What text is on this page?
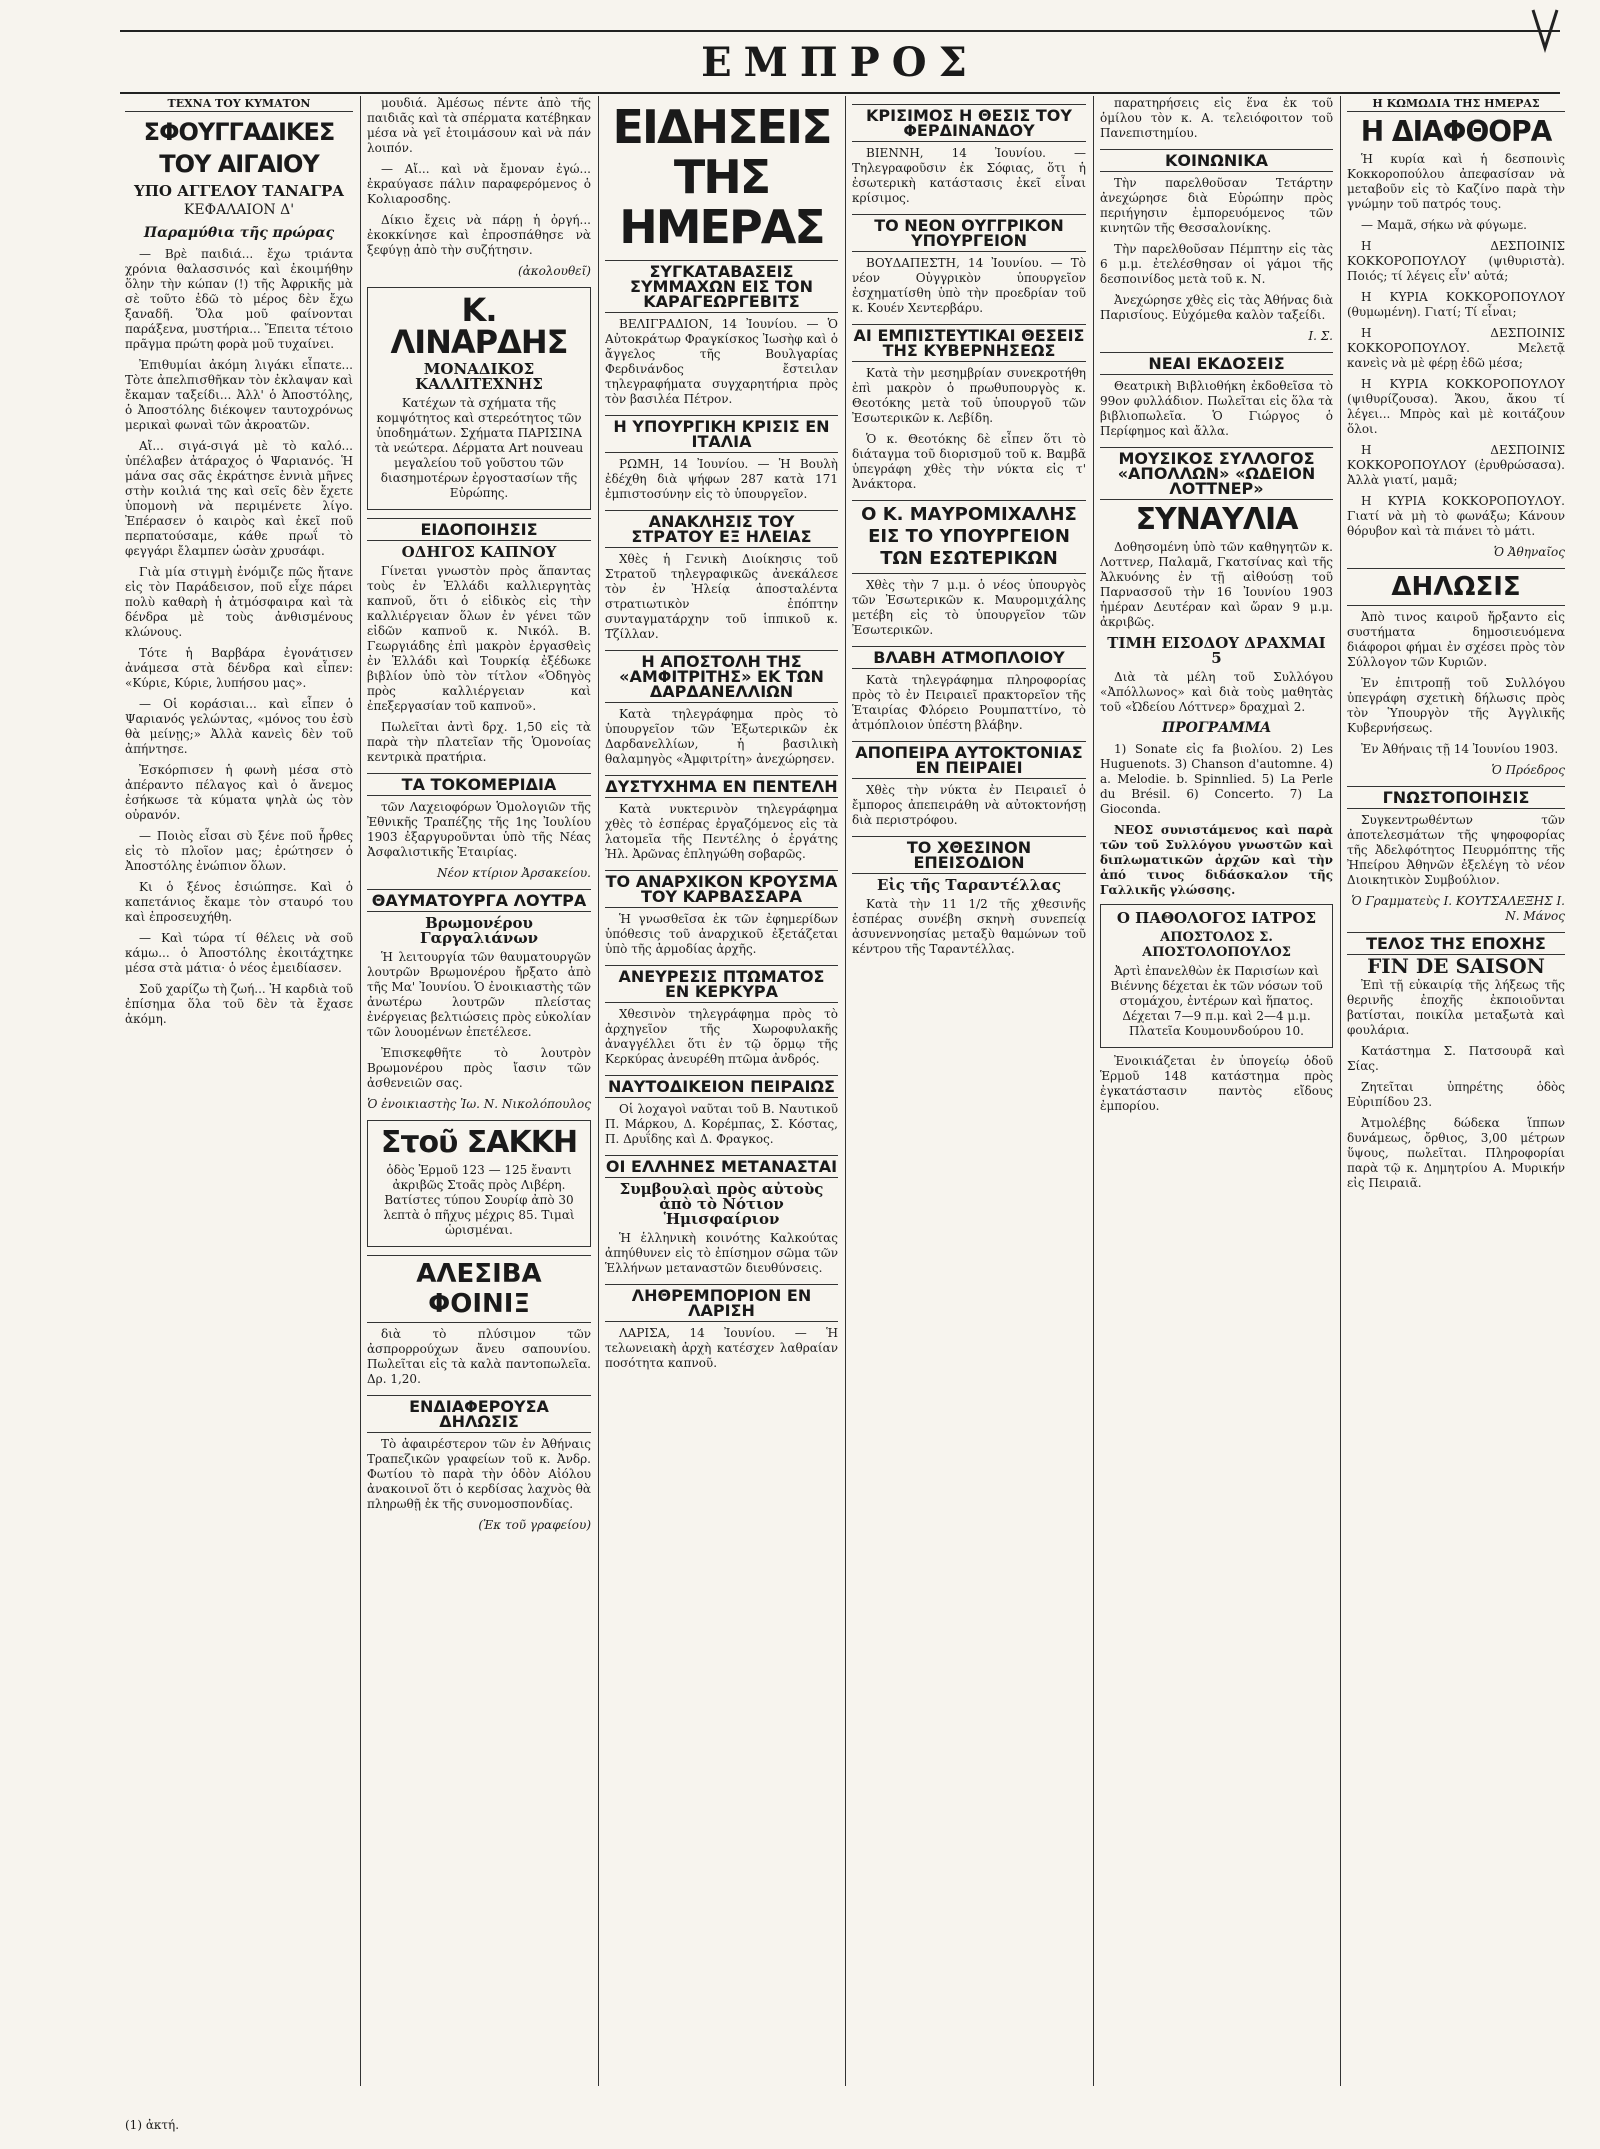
ΕΜΠΡΟΣ
ΤΕΧΝΑ ΤΟΥ ΚΥΜΑΤΟΝ
ΣΦΟΥΓΓΑΔΙΚΕΣ ΤΟΥ ΑΙΓΑΙΟΥ
ΥΠΟ ΑΓΓΕΛΟΥ ΤΑΝΑΓΡΑ
ΚΕΦΑΛΑΙΟΝ Δ'
Παραμύθια τῆς πρώρας

— Βρὲ παιδιά... ἔχω τριάντα χρόνια θαλασσινός καὶ ἐκοιμήθην ὅλην τὴν κώπαν (!) τῆς Ἀφρικῆς μὰ σὲ τοῦτο ἐδῶ τὸ μέρος δὲν ἔχω ξαναδῆ. Ὅλα μοῦ φαίνονται παράξενα, μυστήρια... Ἔπειτα τέτοιο πρᾶγμα πρώτη φορὰ μοῦ τυχαίνει.

Ἐπιθυμίαι ἀκόμη λιγάκι εἶπατε... Τὸτε ἀπελπισθῆκαν τὸν ἐκλαψαν καὶ ἔκαμαν ταξείδι... Ἀλλ' ὁ Ἀποστόλης, ὁ Ἀποστόλης διέκοψεν ταυτοχρόνως μερικαὶ φωναὶ τῶν ἀκροατῶν.

Αἴ... σιγά-σιγά μὲ τὸ καλό... ὑπέλαβεν ἀτάραχος ὁ Ψαριανός. Ἡ μάνα σας σᾶς ἐκράτησε ἐννιὰ μῆνες στὴν κοιλιά της καὶ σεῖς δὲν ἔχετε ὑπομονὴ νὰ περιμένετε λίγο. Ἐπέρασεν ὁ καιρὸς καὶ ἐκεῖ ποῦ περπατούσαμε, κάθε πρωΐ τὸ φεγγάρι ἔλαμπεν ὡσὰν χρυσάφι.

Γιὰ μία στιγμὴ ἐνόμιζε πῶς ἤτανε εἰς τὸν Παράδεισον, ποῦ εἶχε πάρει πολὺ καθαρὴ ἡ ἀτμόσφαιρα καὶ τὰ δένδρα μὲ τοὺς ἀνθισμένους κλώνους.

Τότε ἡ Βαρβάρα ἐγονάτισεν ἀνάμεσα στὰ δένδρα καὶ εἶπεν: «Κύριε, Κύριε, λυπήσου μας».

— Οἱ κοράσιαι... καὶ εἶπεν ὁ Ψαριανός γελώντας, «μόνος του ἐσὺ θὰ μείνῃς;» Ἀλλὰ κανεὶς δὲν τοῦ ἀπήντησε.

Ἐσκόρπισεν ἡ φωνὴ μέσα στὸ ἀπέραντο πέλαγος καὶ ὁ ἄνεμος ἐσήκωσε τὰ κύματα ψηλὰ ὡς τὸν οὐρανόν.

— Ποιὸς εἶσαι σὺ ξένε ποῦ ἦρθες εἰς τὸ πλοῖον μας; ἐρώτησεν ὁ Ἀποστόλης ἐνώπιον ὅλων.

Κι ὁ ξένος ἐσιώπησε. Καὶ ὁ καπετάνιος ἔκαμε τὸν σταυρό του καὶ ἐπροσευχήθη.

— Καὶ τώρα τί θέλεις νὰ σοῦ κάμω... ὁ Ἀποστόλης ἐκοιτάχτηκε μέσα στὰ μάτια· ὁ νέος ἐμειδίασεν.

Σοῦ χαρίζω τὴ ζωή... Ἡ καρδιὰ τοῦ ἐπίσημα ὅλα τοῦ δὲν τὰ ἔχασε ἀκόμη.

μουδιά. Ἀμέσως πέντε ἀπὸ τῆς παιδιᾶς καὶ τὰ σπέρματα κατέβηκαν μέσα νὰ γεῖ ἑτοιμάσουν καὶ νὰ πάν λοιπόν.

— Αἴ... καὶ νὰ ἔμοναν ἐγώ... ἐκραύγασε πάλιν παραφερόμενος ὁ Κολιαροσδης.

Δίκιο ἔχεις νὰ πάρῃ ἡ ὀργή... ἐκοκκίνησε καὶ ἐπροσπάθησε νὰ ξεφύγῃ ἀπὸ τὴν συζήτησιν.

(ἀκολουθεῖ)
Κ. ΛΙΝΑΡΔΗΣ
ΜΟΝΑΔΙΚΟΣ ΚΑΛΛΙΤΕΧΝΗΣ

Κατέχων τὰ σχήματα τῆς κομψότητος καὶ στερεότητος τῶν ὑποδημάτων. Σχήματα ΠΑΡΙΣΙΝΑ τὰ νεώτερα. Δέρματα Art nouveau μεγαλείου τοῦ γοῦστου τῶν διασημοτέρων ἐργοστασίων τῆς Εὐρώπης.

ΕΙΔΟΠΟΙΗΣΙΣ
ΟΔΗΓΟΣ ΚΑΠΝΟΥ

Γίνεται γνωστὸν πρὸς ἅπαντας τοὺς ἐν Ἑλλάδι καλλιεργητὰς καπνοῦ, ὅτι ὁ εἰδικὸς εἰς τὴν καλλιέργειαν ὅλων ἐν γένει τῶν εἰδῶν καπνοῦ κ. Νικόλ. Β. Γεωργιάδης ἐπὶ μακρὸν ἐργασθεὶς ἐν Ἑλλάδι καὶ Τουρκίᾳ ἐξέδωκε βιβλίον ὑπὸ τὸν τίτλον «Ὁδηγὸς πρὸς καλλιέργειαν καὶ ἐπεξεργασίαν τοῦ καπνοῦ».

Πωλεῖται ἀντὶ δρχ. 1,50 εἰς τὰ παρὰ τὴν πλατεῖαν τῆς Ὁμονοίας κεντρικὰ πρατήρια.

ΤΑ ΤΟΚΟΜΕΡΙΔΙΑ

τῶν Λαχειοφόρων Ὁμολογιῶν τῆς Ἐθνικῆς Τραπέζης τῆς 1ης Ἰουλίου 1903 ἐξαργυροῦνται ὑπὸ τῆς Νέας Ἀσφαλιστικῆς Ἑταιρίας.

Νέον κτίριον Ἀρσακείου.
ΘΑΥΜΑΤΟΥΡΓΑ ΛΟΥΤΡΑ
Βρωμονέρου Γαργαλιάνων

Ἡ λειτουργία τῶν θαυματουργῶν λουτρῶν Βρωμονέρου ἤρξατο ἀπὸ τῆς Μα' Ἰουνίου. Ὁ ἐνοικιαστὴς τῶν ἀνωτέρω λουτρῶν πλείστας ἐνέργειας βελτιώσεις πρὸς εὐκολίαν τῶν λουομένων ἐπετέλεσε.

Ἐπισκεφθῆτε τὸ λουτρὸν Βρωμονέρου πρὸς ἴασιν τῶν ἀσθενειῶν σας.

Ὁ ἐνοικιαστὴς Ἰω. Ν. Νικολόπουλος
Στοῦ ΣΑΚΚΗ

ὁδὸς Ἑρμοῦ 123 — 125 ἔναντι ἀκριβῶς Στοᾶς πρὸς Λιβέρη. Βατίστες τύπου Σουρίφ ἀπὸ 30 λεπτὰ ὁ πῆχυς μέχρις 85. Τιμαὶ ὡρισμέναι.

ΑΛΕΣΙΒΑ ΦΟΙΝΙΞ

διὰ τὸ πλύσιμον τῶν ἀσπρορρούχων ἄνευ σαπουνίου. Πωλεῖται εἰς τὰ καλὰ παντοπωλεῖα. Δρ. 1,20.

ΕΝΔΙΑΦΕΡΟΥΣΑ ΔΗΛΩΣΙΣ

Τὸ ἀφαιρέστερον τῶν ἐν Ἀθήναις Τραπεζικῶν γραφείων τοῦ κ. Ἀνδρ. Φωτίου τὸ παρὰ τὴν ὁδὸν Αἰόλου ἀνακοινοῖ ὅτι ὁ κερδίσας λαχνὸς θὰ πληρωθῇ ἐκ τῆς συνομοσπονδίας.

(Ἐκ τοῦ γραφείου)
ΕΙΔΗΣΕΙΣ ΤΗΣ ΗΜΕΡΑΣ
ΣΥΓΚΑΤΑΒΑΣΕΙΣ ΣΥΜΜΑΧΩΝ ΕΙΣ ΤΟΝ ΚΑΡΑΓΕΩΡΓΕΒΙΤΣ

ΒΕΛΙΓΡΑΔΙΟΝ, 14 Ἰουνίου. — Ὁ Αὐτοκράτωρ Φραγκίσκος Ἰωσὴφ καὶ ὁ ἄγγελος τῆς Βουλγαρίας Φερδινάνδος ἔστειλαν τηλεγραφήματα συγχαρητήρια πρὸς τὸν βασιλέα Πέτρον.

Η ΥΠΟΥΡΓΙΚΗ ΚΡΙΣΙΣ ΕΝ ΙΤΑΛΙΑ

ΡΩΜΗ, 14 Ἰουνίου. — Ἡ Βουλὴ ἐδέχθη διὰ ψήφων 287 κατὰ 171 ἐμπιστοσύνην εἰς τὸ ὑπουργεῖον.

ΑΝΑΚΛΗΣΙΣ ΤΟΥ ΣΤΡΑΤΟΥ ΕΞ ΗΛΕΙΑΣ

Χθὲς ἡ Γενικὴ Διοίκησις τοῦ Στρατοῦ τηλεγραφικῶς ἀνεκάλεσε τὸν ἐν Ἠλείᾳ ἀποσταλέντα στρατιωτικὸν ἐπόπτην συνταγματάρχην τοῦ ἱππικοῦ κ. Τζίλλαν.

Η ΑΠΟΣΤΟΛΗ ΤΗΣ «ΑΜΦΙΤΡΙΤΗΣ» ΕΚ ΤΩΝ ΔΑΡΔΑΝΕΛΛΙΩΝ

Κατὰ τηλεγράφημα πρὸς τὸ ὑπουργεῖον τῶν Ἐξωτερικῶν ἐκ Δαρδανελλίων, ἡ βασιλικὴ θαλαμηγὸς «Ἀμφιτρίτη» ἀνεχώρησεν.

ΔΥΣΤΥΧΗΜΑ ΕΝ ΠΕΝΤΕΛΗ

Κατὰ νυκτερινὸν τηλεγράφημα χθὲς τὸ ἑσπέρας ἐργαζόμενος εἰς τὰ λατομεῖα τῆς Πεντέλης ὁ ἐργάτης Ἠλ. Ἀρῶνας ἐπληγώθη σοβαρῶς.

ΤΟ ΑΝΑΡΧΙΚΟΝ ΚΡΟΥΣΜΑ ΤΟΥ ΚΑΡΒΑΣΣΑΡΑ

Ἡ γνωσθεῖσα ἐκ τῶν ἐφημερίδων ὑπόθεσις τοῦ ἀναρχικοῦ ἐξετάζεται ὑπὸ τῆς ἀρμοδίας ἀρχῆς.

ΑΝΕΥΡΕΣΙΣ ΠΤΩΜΑΤΟΣ ΕΝ ΚΕΡΚΥΡΑ

Χθεσινὸν τηλεγράφημα πρὸς τὸ ἀρχηγεῖον τῆς Χωροφυλακῆς ἀναγγέλλει ὅτι ἐν τῷ ὅρμῳ τῆς Κερκύρας ἀνευρέθη πτῶμα ἀνδρός.

ΝΑΥΤΟΔΙΚΕΙΟΝ ΠΕΙΡΑΙΩΣ

Οἱ λοχαγοὶ ναῦται τοῦ Β. Ναυτικοῦ Π. Μάρκου, Δ. Κορέμπας, Σ. Κόστας, Π. Δρυΐδης καὶ Δ. Φραγκος.

ΟΙ ΕΛΛΗΝΕΣ ΜΕΤΑΝΑΣΤΑΙ
Συμβουλαὶ πρὸς αὐτοὺς ἀπὸ τὸ Νότιον Ἡμισφαίριον

Ἡ ἑλληνικὴ κοινότης Καλκούτας ἀπηύθυνεν εἰς τὸ ἐπίσημον σῶμα τῶν Ἑλλήνων μεταναστῶν διευθύνσεις.

ΛΗΘΡΕΜΠΟΡΙΟΝ ΕΝ ΛΑΡΙΣΗ

ΛΑΡΙΣΑ, 14 Ἰουνίου. — Ἡ τελωνειακὴ ἀρχὴ κατέσχεν λαθραίαν ποσότητα καπνοῦ.

ΚΡΙΣΙΜΟΣ Η ΘΕΣΙΣ ΤΟΥ ΦΕΡΔΙΝΑΝΔΟΥ

ΒΙΕΝΝΗ, 14 Ἰουνίου. — Τηλεγραφοῦσιν ἐκ Σόφιας, ὅτι ἡ ἐσωτερικὴ κατάστασις ἐκεῖ εἶναι κρίσιμος.

ΤΟ ΝΕΟΝ ΟΥΓΓΡΙΚΟΝ ΥΠΟΥΡΓΕΙΟΝ

ΒΟΥΔΑΠΕΣΤΗ, 14 Ἰουνίου. — Τὸ νέον Οὐγγρικὸν ὑπουργεῖον ἐσχηματίσθη ὑπὸ τὴν προεδρίαν τοῦ κ. Κουέν Χεντερβάρυ.

ΑΙ ΕΜΠΙΣΤΕΥΤΙΚΑΙ ΘΕΣΕΙΣ ΤΗΣ ΚΥΒΕΡΝΗΣΕΩΣ

Κατὰ τὴν μεσημβρίαν συνεκροτήθη ἐπὶ μακρὸν ὁ πρωθυπουργὸς κ. Θεοτόκης μετὰ τοῦ ὑπουργοῦ τῶν Ἐσωτερικῶν κ. Λεβίδη.

Ὁ κ. Θεοτόκης δὲ εἶπεν ὅτι τὸ διάταγμα τοῦ διορισμοῦ τοῦ κ. Βαμβᾶ ὑπεγράφη χθὲς τὴν νύκτα εἰς τ' Ἀνάκτορα.

Ο Κ. ΜΑΥΡΟΜΙΧΑΛΗΣ ΕΙΣ ΤΟ ΥΠΟΥΡΓΕΙΟΝ ΤΩΝ ΕΣΩΤΕΡΙΚΩΝ

Χθὲς τὴν 7 μ.μ. ὁ νέος ὑπουργὸς τῶν Ἐσωτερικῶν κ. Μαυρομιχάλης μετέβη εἰς τὸ ὑπουργεῖον τῶν Ἐσωτερικῶν.

ΒΛΑΒΗ ΑΤΜΟΠΛΟΙΟΥ

Κατὰ τηλεγράφημα πληροφορίας πρὸς τὸ ἐν Πειραιεῖ πρακτορεῖον τῆς Ἑταιρίας Φλόρειο Ρουμπαττίνο, τὸ ἀτμόπλοιον ὑπέστη βλάβην.

ΑΠΟΠΕΙΡΑ ΑΥΤΟΚΤΟΝΙΑΣ ΕΝ ΠΕΙΡΑΙΕΙ

Χθὲς τὴν νύκτα ἐν Πειραιεῖ ὁ ἔμπορος ἀπεπειράθη νὰ αὐτοκτονήσῃ διὰ περιστρόφου.

ΤΟ ΧΘΕΣΙΝΟΝ ΕΠΕΙΣΟΔΙΟΝ
Εἰς τῆς Ταραντέλλας

Κατὰ τὴν 11 1/2 τῆς χθεσινῆς ἑσπέρας συνέβη σκηνὴ συνεπείᾳ ἀσυνεννοησίας μεταξὺ θαμώνων τοῦ κέντρου τῆς Ταραντέλλας.

παρατηρήσεις εἰς ἕνα ἐκ τοῦ ὁμίλου τὸν κ. Α. τελειόφοιτον τοῦ Πανεπιστημίου.

ΚΟΙΝΩΝΙΚΑ

Τὴν παρελθοῦσαν Τετάρτην ἀνεχώρησε διὰ Εὐρώπην πρὸς περιήγησιν ἐμπορευόμενος τῶν κινητῶν τῆς Θεσσαλονίκης.

Τὴν παρελθοῦσαν Πέμπτην εἰς τὰς 6 μ.μ. ἐτελέσθησαν οἱ γάμοι τῆς δεσποινίδος μετὰ τοῦ κ. Ν.

Ἀνεχώρησε χθὲς εἰς τὰς Ἀθήνας διὰ Παρισίους. Εὐχόμεθα καλὸν ταξείδι.

Ι. Σ.
ΝΕΑΙ ΕΚΔΟΣΕΙΣ

Θεατρικὴ Βιβλιοθήκη ἐκδοθεῖσα τὸ 99ον φυλλάδιον. Πωλεῖται εἰς ὅλα τὰ βιβλιοπωλεῖα. Ὁ Γιώργος ὁ Περίφημος καὶ ἄλλα.

ΜΟΥΣΙΚΟΣ ΣΥΛΛΟΓΟΣ «ΑΠΟΛΛΩΝ» «ΩΔΕΙΟΝ ΛΟΤΤΝΕΡ»
ΣΥΝΑΥΛΙΑ

Δοθησομένη ὑπὸ τῶν καθηγητῶν κ. Λοττνερ, Παλαμᾶ, Γκατσίνας καὶ τῆς Ἀλκυόνης ἐν τῇ αἰθούσῃ τοῦ Παρνασσοῦ τὴν 16 Ἰουνίου 1903 ἡμέραν Δευτέραν καὶ ὥραν 9 μ.μ. ἀκριβῶς.

ΤΙΜΗ ΕΙΣΟΔΟΥ ΔΡΑΧΜΑΙ 5

Διὰ τὰ μέλη τοῦ Συλλόγου «Ἀπόλλωνος» καὶ διὰ τοὺς μαθητὰς τοῦ «Ὠδείου Λόττνερ» δραχμαὶ 2.

ΠΡΟΓΡΑΜΜΑ

1) Sonate εἰς fa βιολίου. 2) Les Huguenots. 3) Chanson d'automne. 4) a. Melodie. b. Spinnlied. 5) La Perle du Brésil. 6) Concerto. 7) La Gioconda.

ΝΕΟΣ συνιστάμενος καὶ παρὰ τῶν τοῦ Συλλόγου γνωστῶν καὶ διπλωματικῶν ἀρχῶν καὶ τὴν ἀπό τινος διδάσκαλον τῆς Γαλλικῆς γλώσσης.

Ο ΠΑΘΟΛΟΓΟΣ ΙΑΤΡΟΣ
ΑΠΟΣΤΟΛΟΣ Σ. ΑΠΟΣΤΟΛΟΠΟΥΛΟΣ

Ἀρτὶ ἐπανελθὼν ἐκ Παρισίων καὶ Βιέννης δέχεται ἐκ τῶν νόσων τοῦ στομάχου, ἐντέρων καὶ ἥπατος. Δέχεται 7—9 π.μ. καὶ 2—4 μ.μ. Πλατεῖα Κουμουνδούρου 10.

Ἐνοικιάζεται ἐν ὑπογείῳ ὁδοῦ Ἑρμοῦ 148 κατάστημα πρὸς ἐγκατάστασιν παντὸς εἴδους ἐμπορίου.

Η ΚΩΜΩΔΙΑ ΤΗΣ ΗΜΕΡΑΣ
Η ΔΙΑΦΘΟΡΑ

Ἡ κυρία καὶ ἡ δεσποινὶς Κοκκοροπούλου ἀπεφασίσαν νὰ μεταβοῦν εἰς τὸ Καζίνο παρὰ τὴν γνώμην τοῦ πατρός τους.

— Μαμᾶ, σήκω νὰ φύγωμε.

Η ΔΕΣΠΟΙΝΙΣ ΚΟΚΚΟΡΟΠΟΥΛΟΥ (ψιθυριστὰ). Ποιός; τί λέγεις εἶν' αὐτά;

Η ΚΥΡΙΑ ΚΟΚΚΟΡΟΠΟΥΛΟΥ (θυμωμένη). Γιατί; Τί εἶναι;

Η ΔΕΣΠΟΙΝΙΣ ΚΟΚΚΟΡΟΠΟΥΛΟΥ. Μελετᾷ κανεὶς νὰ μὲ φέρῃ ἐδῶ μέσα;

Η ΚΥΡΙΑ ΚΟΚΚΟΡΟΠΟΥΛΟΥ (ψιθυρίζουσα). Ἄκου, ἄκου τί λέγει... Μπρὸς καὶ μὲ κοιτάζουν ὅλοι.

Η ΔΕΣΠΟΙΝΙΣ ΚΟΚΚΟΡΟΠΟΥΛΟΥ (ἐρυθρώσασα). Ἀλλὰ γιατί, μαμᾶ;

Η ΚΥΡΙΑ ΚΟΚΚΟΡΟΠΟΥΛΟΥ. Γιατί νὰ μὴ τὸ φωνάξω; Κάνουν θόρυβον καὶ τὰ πιάνει τὸ μάτι.

Ὁ Ἀθηναῖος
ΔΗΛΩΣΙΣ

Ἀπὸ τινος καιροῦ ἤρξαντο εἰς συστήματα δημοσιευόμενα διάφοροι φήμαι ἐν σχέσει πρὸς τὸν Σύλλογον τῶν Κυριῶν.

Ἐν ἐπιτροπῇ τοῦ Συλλόγου ὑπεγράφη σχετικὴ δήλωσις πρὸς τὸν Ὑπουργὸν τῆς Ἀγγλικῆς Κυβερνήσεως.

Ἐν Ἀθήναις τῇ 14 Ἰουνίου 1903.

Ὁ Πρόεδρος
ΓΝΩΣΤΟΠΟΙΗΣΙΣ

Συγκεντρωθέντων τῶν ἀποτελεσμάτων τῆς ψηφοφορίας τῆς Ἀδελφότητος Πευρμόπτης τῆς Ἠπείρου Ἀθηνῶν ἐξελέγη τὸ νέον Διοικητικὸν Συμβούλιον.

Ὁ Γραμματεὺς Ι. ΚΟΥΤΣΑΛΕΞΗΣ Ι. Ν. Μάνος
ΤΕΛΟΣ ΤΗΣ ΕΠΟΧΗΣ
FIN DE SAISON

Ἐπὶ τῇ εὐκαιρίᾳ τῆς λήξεως τῆς θερινῆς ἐποχῆς ἐκποιοῦνται βατίσται, ποικίλα μεταξωτὰ καὶ φουλάρια.

Κατάστημα Σ. Πατσουρᾶ καὶ Σίας.

Ζητεῖται ὑπηρέτης ὁδὸς Εὐριπίδου 23.

Ἀτμολέβης δώδεκα ἵππων δυνάμεως, ὄρθιος, 3,00 μέτρων ὕψους, πωλεῖται. Πληροφορίαι παρὰ τῷ κ. Δημητρίου Α. Μυρικήν εἰς Πειραιᾶ.

(1) ἀκτή.
